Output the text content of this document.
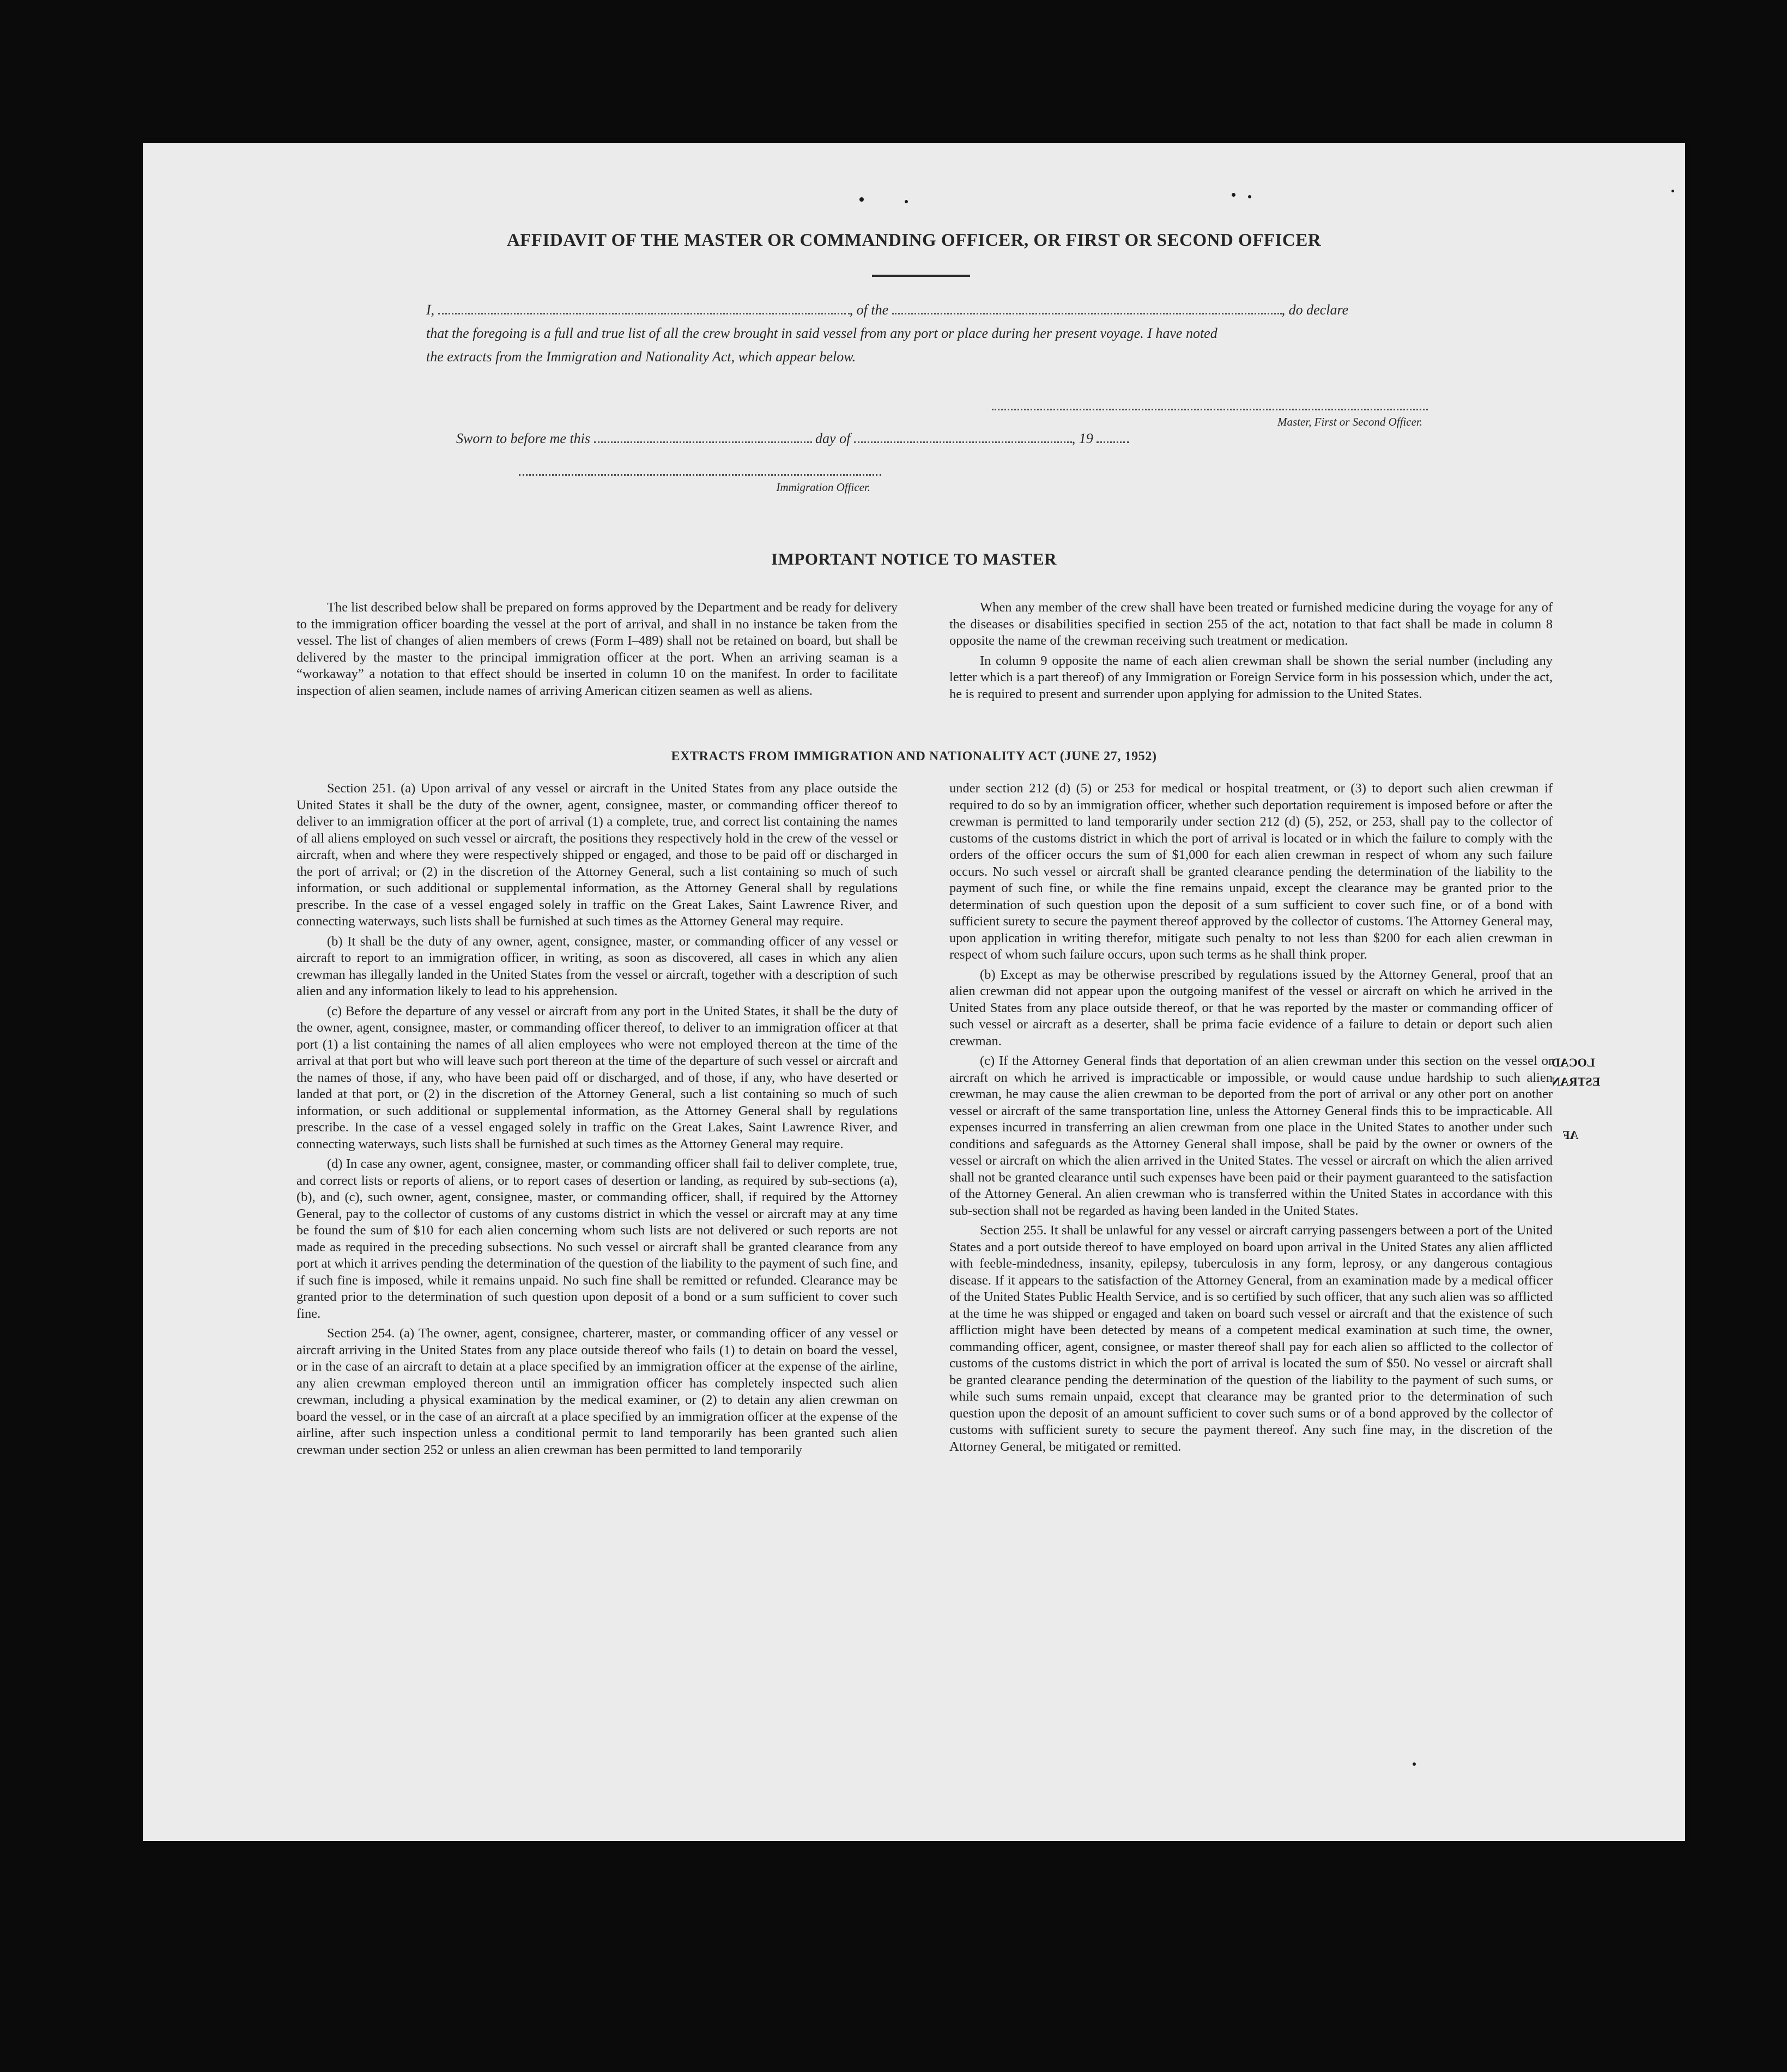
AFFIDAVIT OF THE MASTER OR COMMANDING OFFICER, OR FIRST OR SECOND OFFICER
I,	, of the	, do declare
that the foregoing is a full and true list of all the crew brought in said vessel from any port or place during her present voyage. I have noted
the extracts from the Immigration and Nationality Act, which appear below.
Master, First or Second Officer.
Sworn to before me this	day of	, 19
Immigration Officer.
IMPORTANT NOTICE TO MASTER

The list described below shall be prepared on forms approved by the Department and be ready for delivery to the immigration officer boarding the vessel at the port of arrival, and shall in no instance be taken from the vessel. The list of changes of alien members of crews (Form I–489) shall not be retained on board, but shall be delivered by the master to the principal immigration officer at the port. When an arriving seaman is a “workaway” a notation to that effect should be inserted in column 10 on the manifest. In order to facilitate inspection of alien seamen, include names of arriving American citizen seamen as well as aliens.

When any member of the crew shall have been treated or furnished medicine during the voyage for any of the diseases or disabilities specified in section 255 of the act, notation to that fact shall be made in column 8 opposite the name of the crewman receiving such treatment or medication.

In column 9 opposite the name of each alien crewman shall be shown the serial number (including any letter which is a part thereof) of any Immigration or Foreign Service form in his possession which, under the act, he is required to present and surrender upon applying for admission to the United States.

EXTRACTS FROM IMMIGRATION AND NATIONALITY ACT (JUNE 27, 1952)

Section 251. (a) Upon arrival of any vessel or aircraft in the United States from any place outside the United States it shall be the duty of the owner, agent, consignee, master, or commanding officer thereof to deliver to an immigration officer at the port of arrival (1) a complete, true, and correct list containing the names of all aliens employed on such vessel or aircraft, the positions they respectively hold in the crew of the vessel or aircraft, when and where they were respectively shipped or engaged, and those to be paid off or discharged in the port of arrival; or (2) in the discretion of the Attorney General, such a list containing so much of such information, or such additional or supplemental information, as the Attorney General shall by regulations prescribe. In the case of a vessel engaged solely in traffic on the Great Lakes, Saint Lawrence River, and connecting waterways, such lists shall be furnished at such times as the Attorney General may require.

(b) It shall be the duty of any owner, agent, consignee, master, or commanding officer of any vessel or aircraft to report to an immigration officer, in writing, as soon as discovered, all cases in which any alien crewman has illegally landed in the United States from the vessel or aircraft, together with a description of such alien and any information likely to lead to his apprehension.

(c) Before the departure of any vessel or aircraft from any port in the United States, it shall be the duty of the owner, agent, consignee, master, or commanding officer thereof, to deliver to an immigration officer at that port (1) a list containing the names of all alien employees who were not employed thereon at the time of the arrival at that port but who will leave such port thereon at the time of the departure of such vessel or aircraft and the names of those, if any, who have been paid off or discharged, and of those, if any, who have deserted or landed at that port, or (2) in the discretion of the Attorney General, such a list containing so much of such information, or such additional or supplemental information, as the Attorney General shall by regulations prescribe. In the case of a vessel engaged solely in traffic on the Great Lakes, Saint Lawrence River, and connecting waterways, such lists shall be furnished at such times as the Attorney General may require.

(d) In case any owner, agent, consignee, master, or commanding officer shall fail to deliver complete, true, and correct lists or reports of aliens, or to report cases of desertion or landing, as required by sub-sections (a), (b), and (c), such owner, agent, consignee, master, or commanding officer, shall, if required by the Attorney General, pay to the collector of customs of any customs district in which the vessel or aircraft may at any time be found the sum of $10 for each alien concerning whom such lists are not delivered or such reports are not made as required in the preceding subsections. No such vessel or aircraft shall be granted clearance from any port at which it arrives pending the determination of the question of the liability to the payment of such fine, and if such fine is imposed, while it remains unpaid. No such fine shall be remitted or refunded. Clearance may be granted prior to the determination of such question upon deposit of a bond or a sum sufficient to cover such fine.

Section 254. (a) The owner, agent, consignee, charterer, master, or commanding officer of any vessel or aircraft arriving in the United States from any place outside thereof who fails (1) to detain on board the vessel, or in the case of an aircraft to detain at a place specified by an immigration officer at the expense of the airline, any alien crewman employed thereon until an immigration officer has completely inspected such alien crewman, including a physical examination by the medical examiner, or (2) to detain any alien crewman on board the vessel, or in the case of an aircraft at a place specified by an immigration officer at the expense of the airline, after such inspection unless a conditional permit to land temporarily has been granted such alien crewman under section 252 or unless an alien crewman has been permitted to land temporarily

under section 212 (d) (5) or 253 for medical or hospital treatment, or (3) to deport such alien crewman if required to do so by an immigration officer, whether such deportation requirement is imposed before or after the crewman is permitted to land temporarily under section 212 (d) (5), 252, or 253, shall pay to the collector of customs of the customs district in which the port of arrival is located or in which the failure to comply with the orders of the officer occurs the sum of $1,000 for each alien crewman in respect of whom any such failure occurs. No such vessel or aircraft shall be granted clearance pending the determination of the liability to the payment of such fine, or while the fine remains unpaid, except the clearance may be granted prior to the determination of such question upon the deposit of a sum sufficient to cover such fine, or of a bond with sufficient surety to secure the payment thereof approved by the collector of customs. The Attorney General may, upon application in writing therefor, mitigate such penalty to not less than $200 for each alien crewman in respect of whom such failure occurs, upon such terms as he shall think proper.

(b) Except as may be otherwise prescribed by regulations issued by the Attorney General, proof that an alien crewman did not appear upon the outgoing manifest of the vessel or aircraft on which he arrived in the United States from any place outside thereof, or that he was reported by the master or commanding officer of such vessel or aircraft as a deserter, shall be prima facie evidence of a failure to detain or deport such alien crewman.

(c) If the Attorney General finds that deportation of an alien crewman under this section on the vessel or aircraft on which he arrived is impracticable or impossible, or would cause undue hardship to such alien crewman, he may cause the alien crewman to be deported from the port of arrival or any other port on another vessel or aircraft of the same transportation line, unless the Attorney General finds this to be impracticable. All expenses incurred in transferring an alien crewman from one place in the United States to another under such conditions and safeguards as the Attorney General shall impose, shall be paid by the owner or owners of the vessel or aircraft on which the alien arrived in the United States. The vessel or aircraft on which the alien arrived shall not be granted clearance until such expenses have been paid or their payment guaranteed to the satisfaction of the Attorney General. An alien crewman who is transferred within the United States in accordance with this sub-section shall not be regarded as having been landed in the United States.

Section 255. It shall be unlawful for any vessel or aircraft carrying passengers between a port of the United States and a port outside thereof to have employed on board upon arrival in the United States any alien afflicted with feeble-mindedness, insanity, epilepsy, tuberculosis in any form, leprosy, or any dangerous contagious disease. If it appears to the satisfaction of the Attorney General, from an examination made by a medical officer of the United States Public Health Service, and is so certified by such officer, that any such alien was so afflicted at the time he was shipped or engaged and taken on board such vessel or aircraft and that the existence of such affliction might have been detected by means of a competent medical examination at such time, the owner, commanding officer, agent, consignee, or master thereof shall pay for each alien so afflicted to the collector of customs of the customs district in which the port of arrival is located the sum of $50. No vessel or aircraft shall be granted clearance pending the determination of the question of the liability to the payment of such sums, or while such sums remain unpaid, except that clearance may be granted prior to the determination of such question upon the deposit of an amount sufficient to cover such sums or of a bond approved by the collector of customs with sufficient surety to secure the payment thereof. Any such fine may, in the discretion of the Attorney General, be mitigated or remitted.

LOCAD
ESTRAN
AF
